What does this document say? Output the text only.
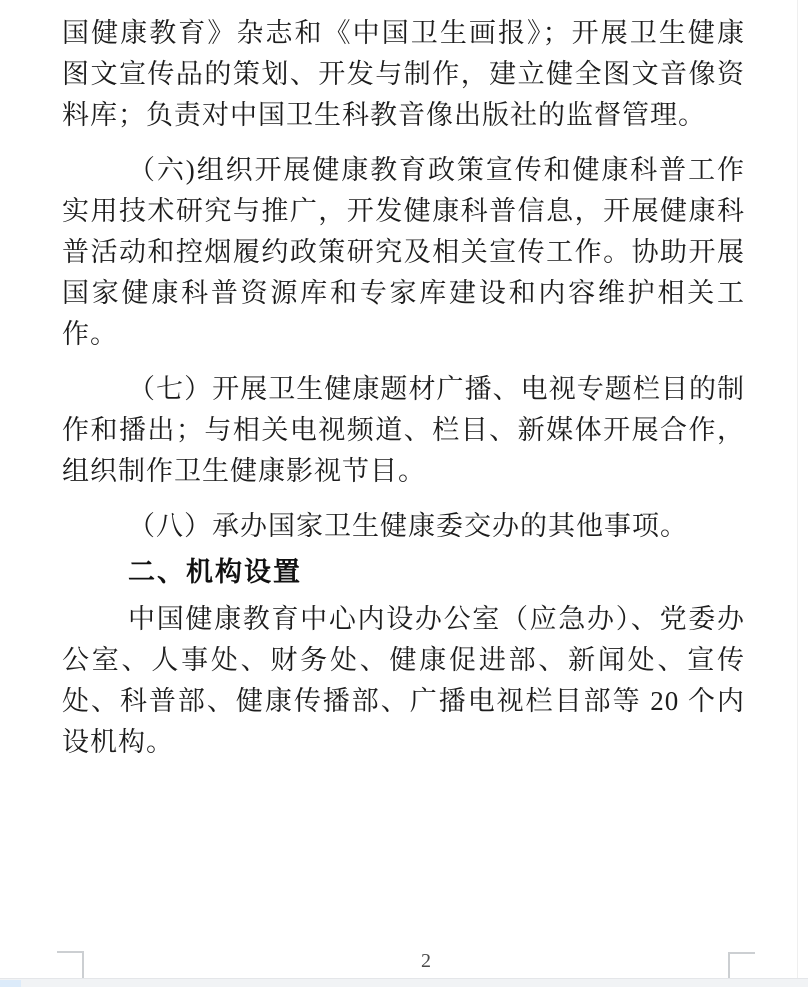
国健康教育》杂志和《中国卫生画报》；开展卫生健康图文宣传品的策划、开发与制作，建立健全图文音像资料库；负责对中国卫生科教音像出版社的监督管理。

（六)组织开展健康教育政策宣传和健康科普工作实用技术研究与推广，开发健康科普信息，开展健康科普活动和控烟履约政策研究及相关宣传工作。协助开展国家健康科普资源库和专家库建设和内容维护相关工作。

（七）开展卫生健康题材广播、电视专题栏目的制作和播出；与相关电视频道、栏目、新媒体开展合作，组织制作卫生健康影视节目。

（八）承办国家卫生健康委交办的其他事项。

二、机构设置

中国健康教育中心内设办公室（应急办）、党委办公室、人事处、财务处、健康促进部、新闻处、宣传处、科普部、健康传播部、广播电视栏目部等 20 个内设机构。

2
